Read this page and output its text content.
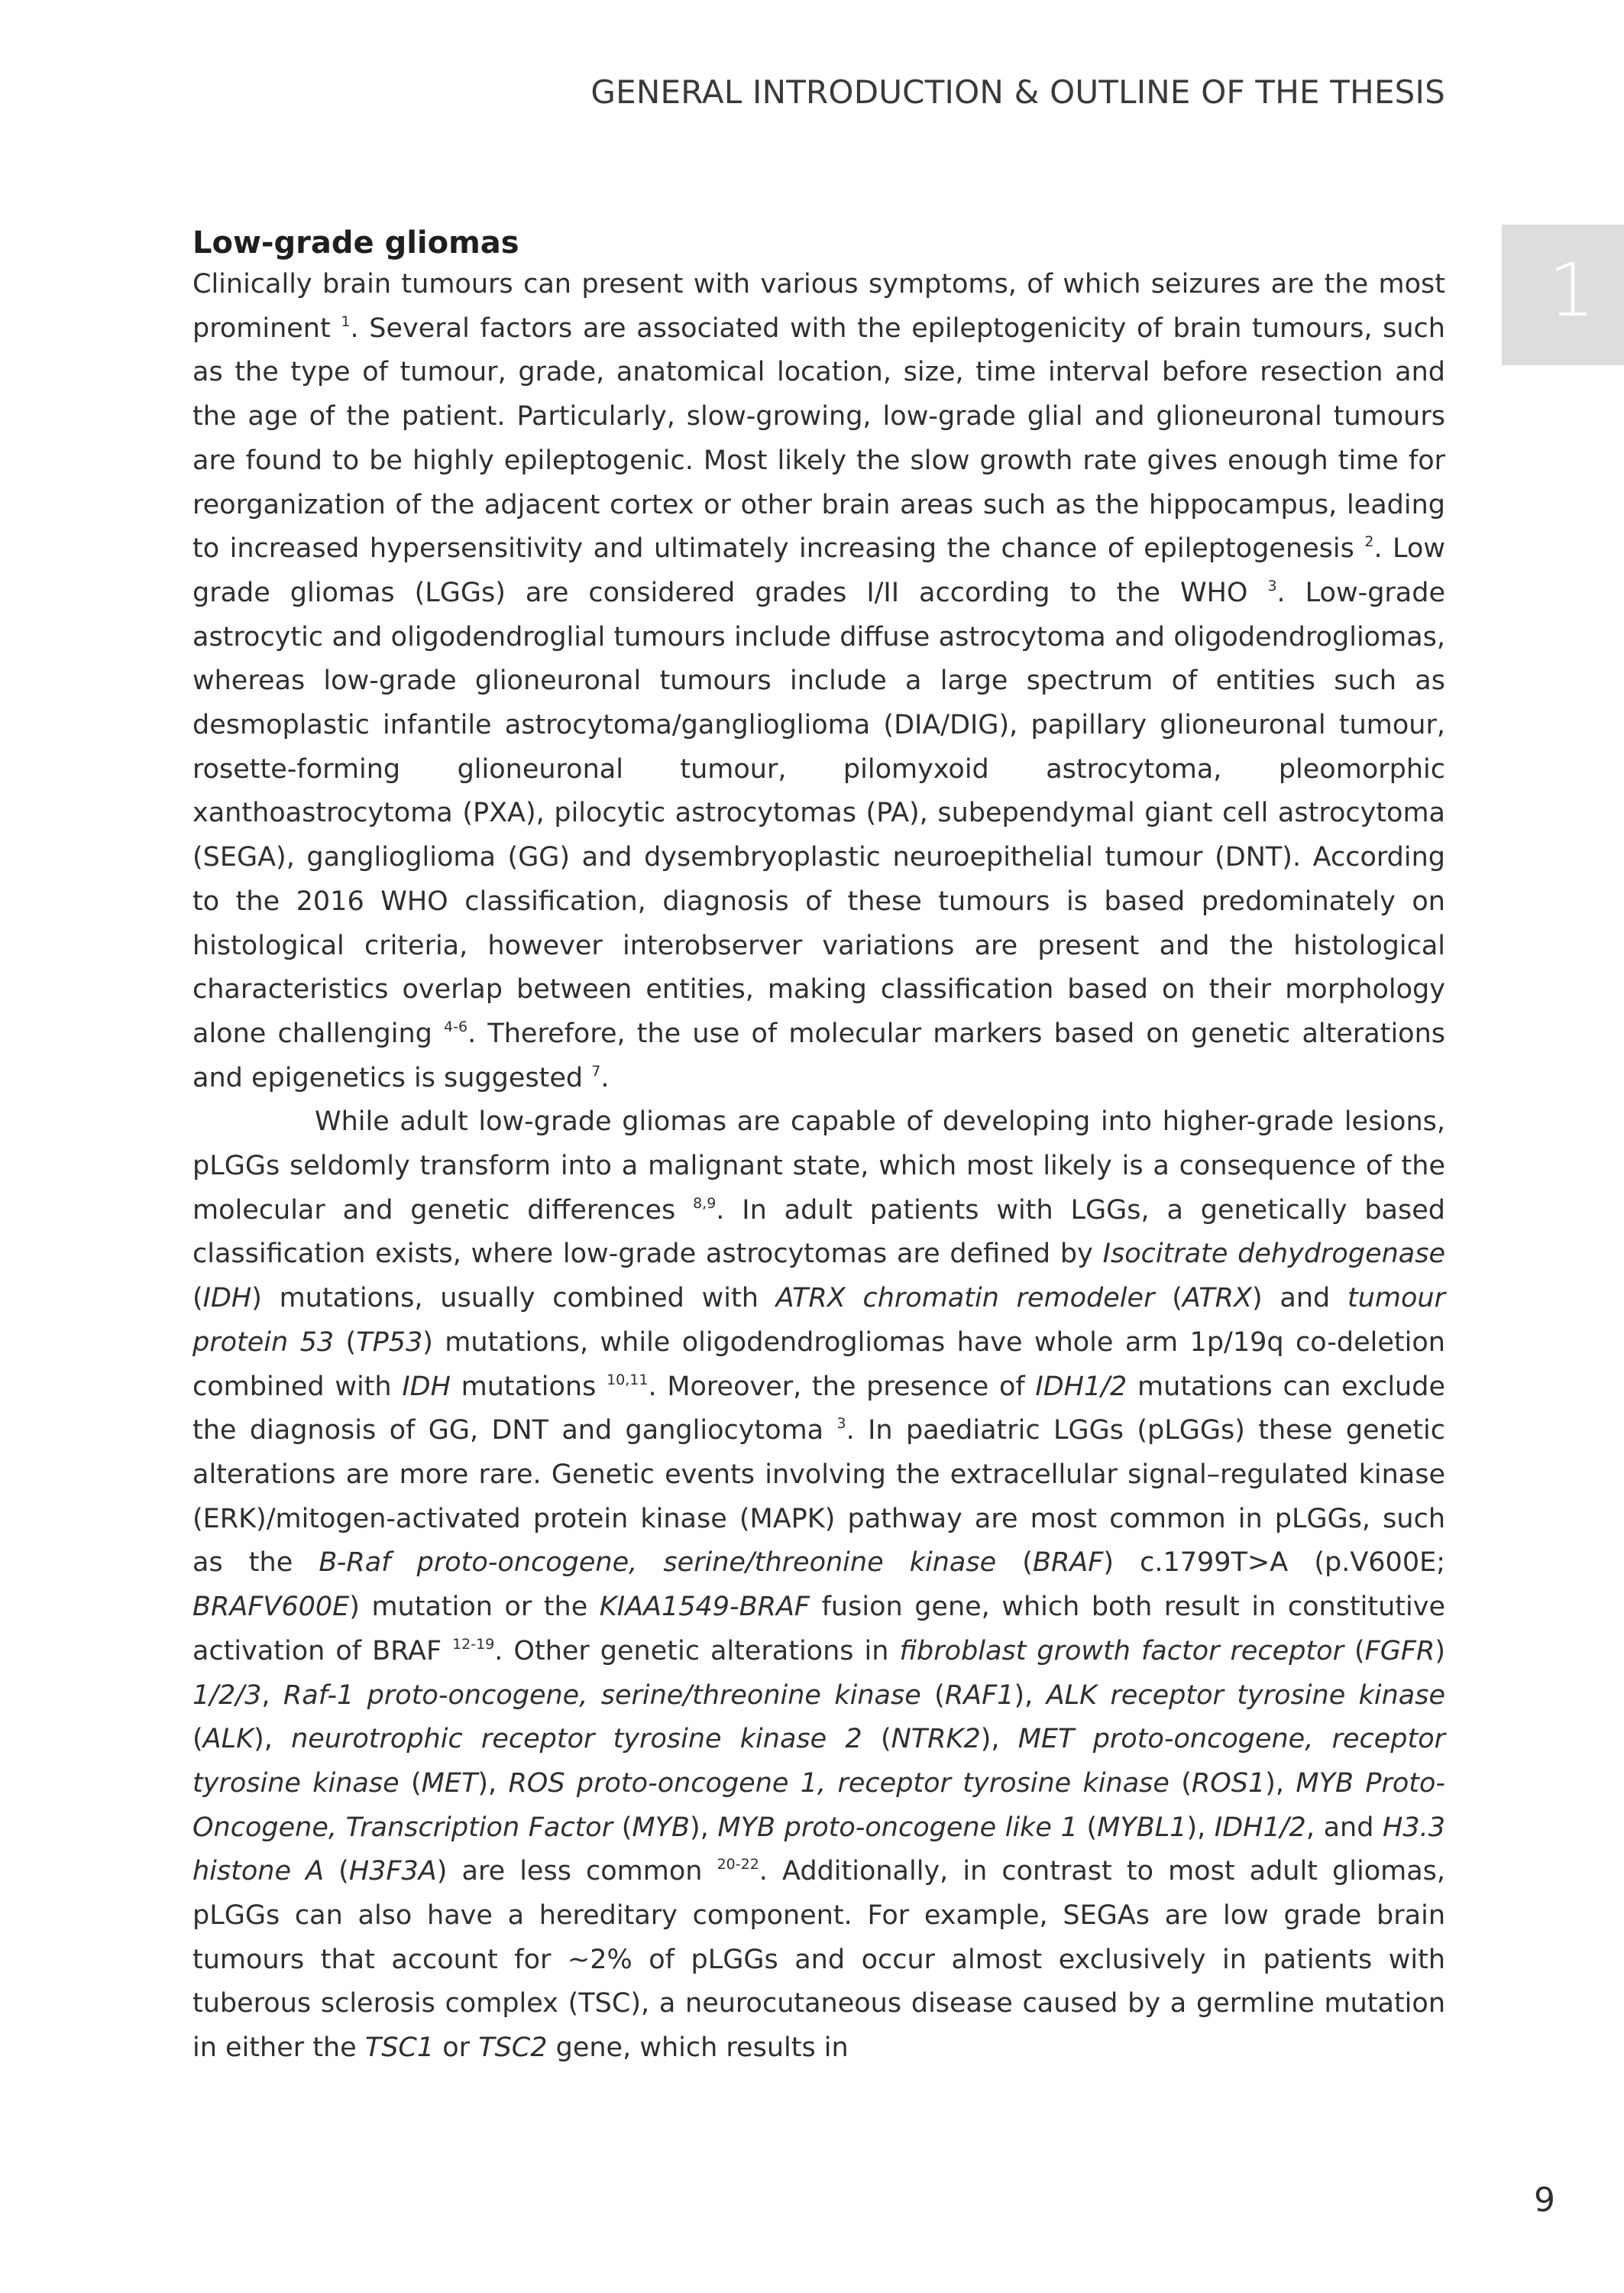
GENERAL INTRODUCTION & OUTLINE OF THE THESIS
1
Low-grade gliomas

Clinically brain tumours can present with various symptoms, of which seizures are the most prominent $^1$. Several factors are associated with the epileptogenicity of brain tumours, such as the type of tumour, grade, anatomical location, size, time interval before resection and the age of the patient. Particularly, slow-growing, low-grade glial and glioneuronal tumours are found to be highly epileptogenic. Most likely the slow growth rate gives enough time for reorganization of the adjacent cortex or other brain areas such as the hippocampus, leading to increased hypersensitivity and ultimately increasing the chance of epileptogenesis $^2$. Low grade gliomas (LGGs) are considered grades I/II according to the WHO $^3$. Low-grade astrocytic and oligodendroglial tumours include diffuse astrocytoma and oligodendrogliomas, whereas low-grade glioneuronal tumours include a large spectrum of entities such as desmoplastic infantile astrocytoma/ganglioglioma (DIA/DIG), papillary glioneuronal tumour, rosette-forming glioneuronal tumour, pilomyxoid astrocytoma, pleomorphic xanthoastrocytoma (PXA), pilocytic astrocytomas (PA), subependymal giant cell astrocytoma (SEGA), ganglioglioma (GG) and dysembryoplastic neuroepithelial tumour (DNT). According to the 2016 WHO classification, diagnosis of these tumours is based predominately on histological criteria, however interobserver variations are present and the histological characteristics overlap between entities, making classification based on their morphology alone challenging $^{4-6}$. Therefore, the use of molecular markers based on genetic alterations and epigenetics is suggested $^7$.

While adult low-grade gliomas are capable of developing into higher-grade lesions, pLGGs seldomly transform into a malignant state, which most likely is a consequence of the molecular and genetic differences $^{8,9}$. In adult patients with LGGs, a genetically based classification exists, where low-grade astrocytomas are defined by Isocitrate dehydrogenase (IDH) mutations, usually combined with ATRX chromatin remodeler (ATRX) and tumour protein 53 (TP53) mutations, while oligodendrogliomas have whole arm 1p/19q co-deletion combined with IDH mutations $^{10,11}$. Moreover, the presence of IDH1/2 mutations can exclude the diagnosis of GG, DNT and gangliocytoma $^3$. In paediatric LGGs (pLGGs) these genetic alterations are more rare. Genetic events involving the extracellular signal–regulated kinase (ERK)/mitogen-activated protein kinase (MAPK) pathway are most common in pLGGs, such as the B-Raf proto-oncogene, serine/threonine kinase (BRAF) c.1799T>A (p.V600E; BRAFV600E) mutation or the KIAA1549-BRAF fusion gene, which both result in constitutive activation of BRAF $^{12-19}$. Other genetic alterations in fibroblast growth factor receptor (FGFR) 1/2/3, Raf-1 proto-oncogene, serine/threonine kinase (RAF1), ALK receptor tyrosine kinase (ALK), neurotrophic receptor tyrosine kinase 2 (NTRK2), MET proto-oncogene, receptor tyrosine kinase (MET), ROS proto-oncogene 1, receptor tyrosine kinase (ROS1), MYB Proto-Oncogene, Transcription Factor (MYB), MYB proto-oncogene like 1 (MYBL1), IDH1/2, and H3.3 histone A (H3F3A) are less common $^{20-22}$. Additionally, in contrast to most adult gliomas, pLGGs can also have a hereditary component. For example, SEGAs are low grade brain tumours that account for ~2% of pLGGs and occur almost exclusively in patients with tuberous sclerosis complex (TSC), a neurocutaneous disease caused by a germline mutation in either the TSC1 or TSC2 gene, which results in

9
